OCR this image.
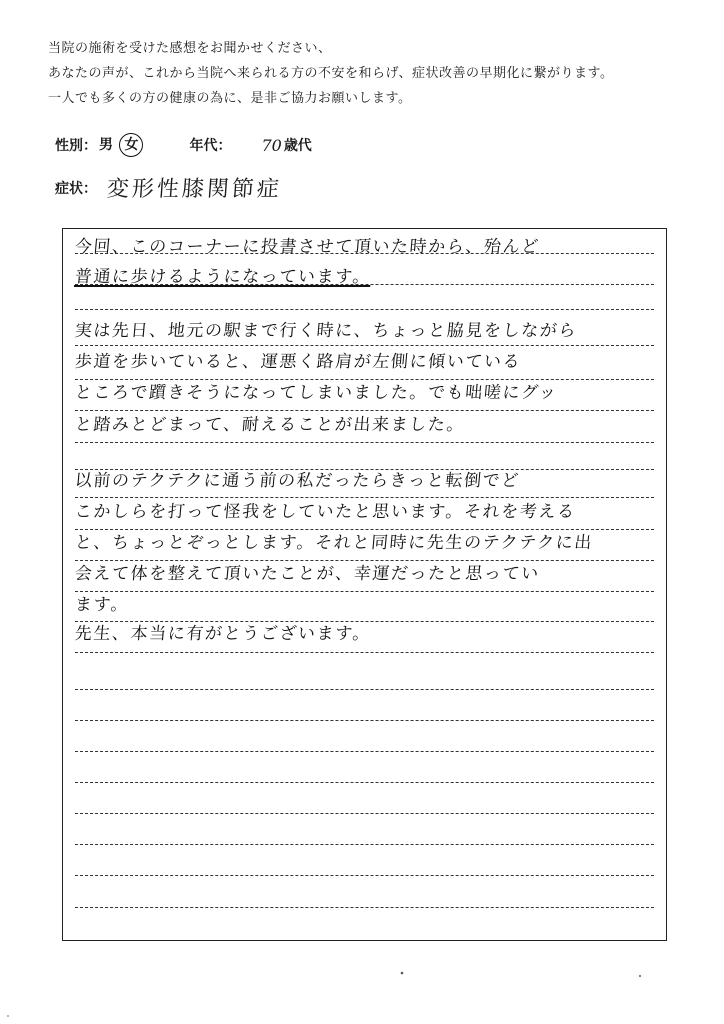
当院の施術を受けた感想をお聞かせください、
あなたの声が、これから当院へ来られる方の不安を和らげ、症状改善の早期化に繋がります。
一人でも多くの方の健康の為に、是非ご協力お願いします。
性別： 男 女	年代： 70 歳代
症状： 変形性膝関節症
今回、このコーナーに投書させて頂いた時から、殆んど
普通に歩けるようになっています。
実は先日、地元の駅まで行く時に、ちょっと脇見をしながら
歩道を歩いていると、運悪く路肩が左側に傾いている
ところで躓きそうになってしまいました。でも咄嗟にグッ
と踏みとどまって、耐えることが出来ました。
以前のテクテクに通う前の私だったらきっと転倒でど
こかしらを打って怪我をしていたと思います。それを考える
と、ちょっとぞっとします。それと同時に先生のテクテクに出
会えて体を整えて頂いたことが、幸運だったと思ってい
ます。
先生、本当に有がとうございます。
